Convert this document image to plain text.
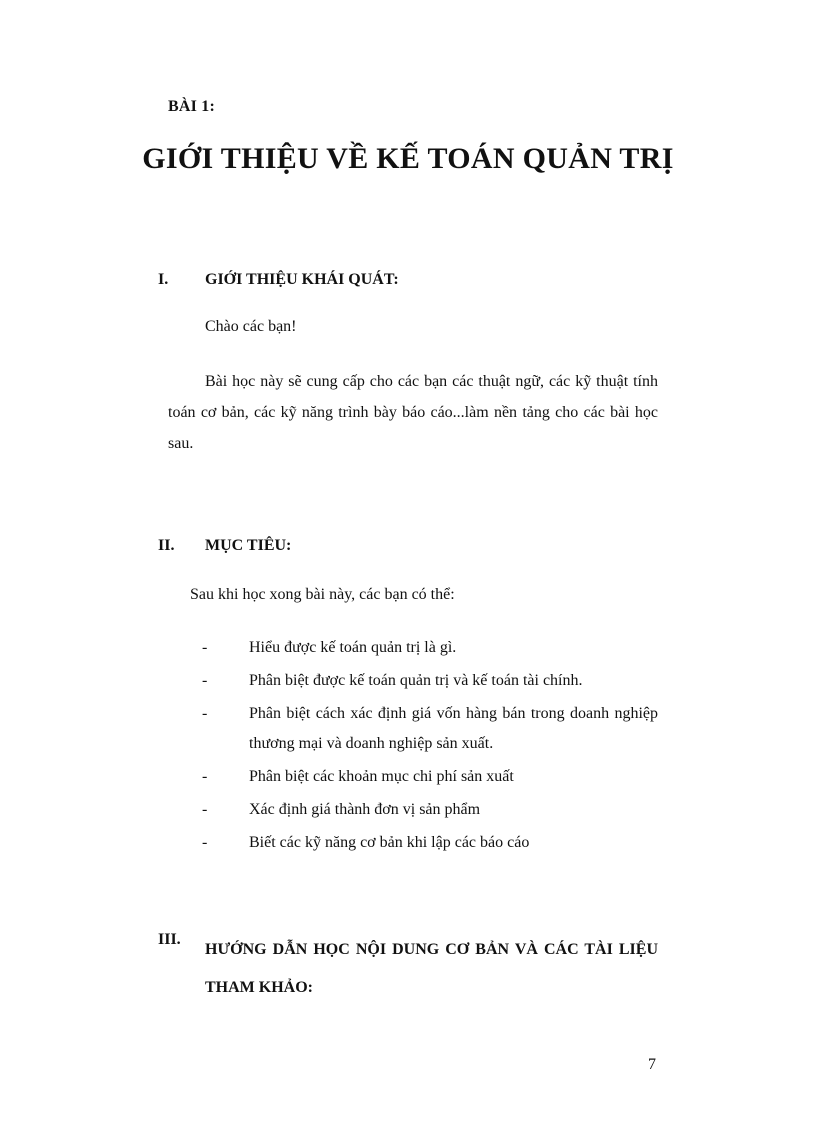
BÀI 1:
GIỚI THIỆU VỀ KẾ TOÁN QUẢN TRỊ
I. GIỚI THIỆU KHÁI QUÁT:
Chào các bạn!

Bài học này sẽ cung cấp cho các bạn các thuật ngữ, các kỹ thuật tính toán cơ bản, các kỹ năng trình bày báo cáo...làm nền tảng cho các bài học sau.

II. MỤC TIÊU:
Sau khi học xong bài này, các bạn có thể:
-	Hiểu được kế toán quản trị là gì.
-	Phân biệt được kế toán quản trị và kế toán tài chính.
-	Phân biệt cách xác định giá vốn hàng bán trong doanh nghiệp thương mại và doanh nghiệp sản xuất.
-	Phân biệt các khoản mục chi phí sản xuất
-	Xác định giá thành đơn vị sản phẩm
-	Biết các kỹ năng cơ bản khi lập các báo cáo
III.
HƯỚNG DẪN HỌC NỘI DUNG CƠ BẢN VÀ CÁC TÀI LIỆU THAM KHẢO:
7
